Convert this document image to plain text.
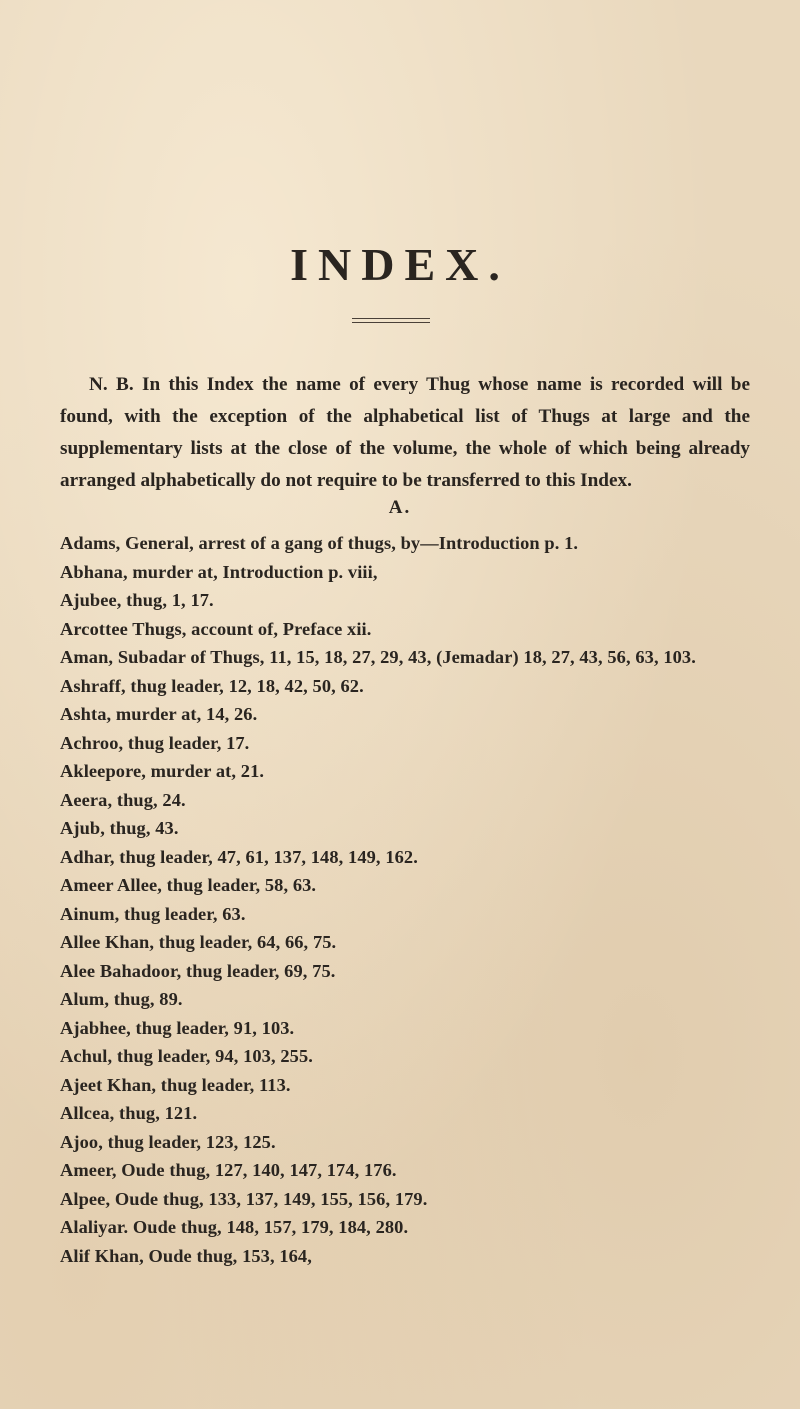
INDEX.

N. B. In this Index the name of every Thug whose name is recorded will be found, with the exception of the alphabetical list of Thugs at large and the supplementary lists at the close of the volume, the whole of which being already arranged alphabetically do not require to be transferred to this Index.

A.
Adams, General, arrest of a gang of thugs, by—Introduction p. 1.
Abhana, murder at, Introduction p. viii,
Ajubee, thug, 1, 17.
Arcottee Thugs, account of, Preface xii.
Aman, Subadar of Thugs, 11, 15, 18, 27, 29, 43, (Jemadar) 18, 27, 43, 56, 63, 103.
Ashraff, thug leader, 12, 18, 42, 50, 62.
Ashta, murder at, 14, 26.
Achroo, thug leader, 17.
Akleepore, murder at, 21.
Aeera, thug, 24.
Ajub, thug, 43.
Adhar, thug leader, 47, 61, 137, 148, 149, 162.
Ameer Allee, thug leader, 58, 63.
Ainum, thug leader, 63.
Allee Khan, thug leader, 64, 66, 75.
Alee Bahadoor, thug leader, 69, 75.
Alum, thug, 89.
Ajabhee, thug leader, 91, 103.
Achul, thug leader, 94, 103, 255.
Ajeet Khan, thug leader, 113.
Allcea, thug, 121.
Ajoo, thug leader, 123, 125.
Ameer, Oude thug, 127, 140, 147, 174, 176.
Alpee, Oude thug, 133, 137, 149, 155, 156, 179.
Alaliyar. Oude thug, 148, 157, 179, 184, 280.
Alif Khan, Oude thug, 153, 164,
